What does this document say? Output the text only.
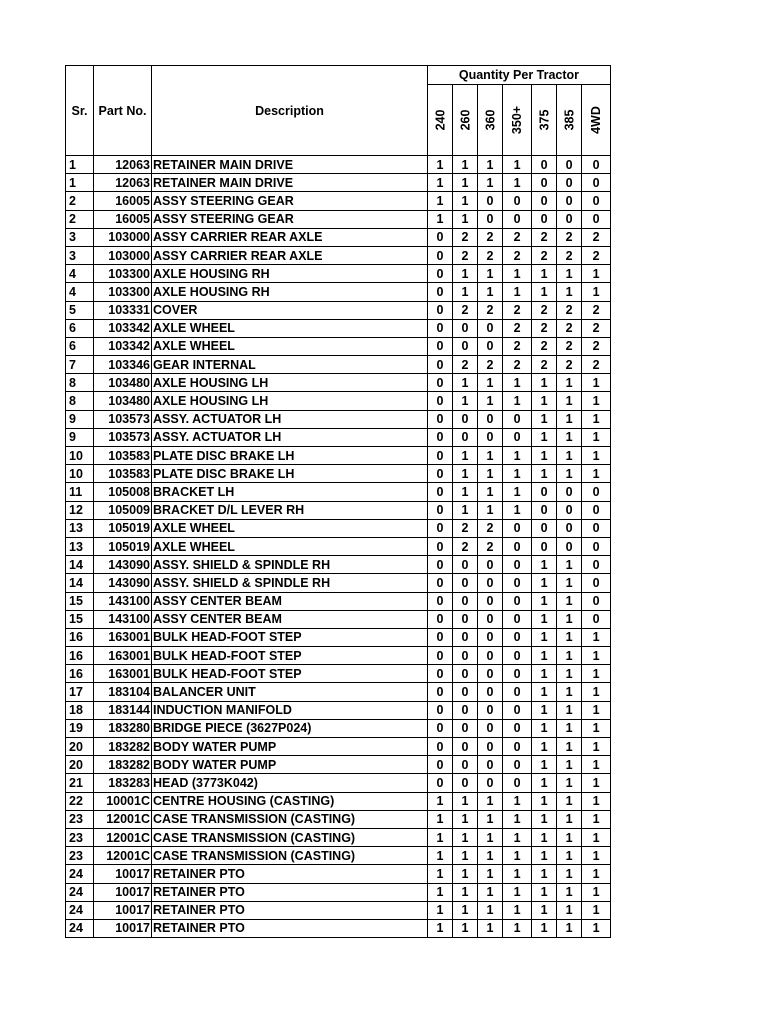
Sr.	Part No.	Description	Quantity Per Tractor						
			240	260	360	350+	375	385	4WD
1	12063	RETAINER MAIN DRIVE	1	1	1	1	0	0	0
1	12063	RETAINER MAIN DRIVE	1	1	1	1	0	0	0
2	16005	ASSY STEERING GEAR	1	1	0	0	0	0	0
2	16005	ASSY STEERING GEAR	1	1	0	0	0	0	0
3	103000	ASSY CARRIER REAR AXLE	0	2	2	2	2	2	2
3	103000	ASSY CARRIER REAR AXLE	0	2	2	2	2	2	2
4	103300	AXLE HOUSING RH	0	1	1	1	1	1	1
4	103300	AXLE HOUSING RH	0	1	1	1	1	1	1
5	103331	COVER	0	2	2	2	2	2	2
6	103342	AXLE WHEEL	0	0	0	2	2	2	2
6	103342	AXLE WHEEL	0	0	0	2	2	2	2
7	103346	GEAR INTERNAL	0	2	2	2	2	2	2
8	103480	AXLE HOUSING LH	0	1	1	1	1	1	1
8	103480	AXLE HOUSING LH	0	1	1	1	1	1	1
9	103573	ASSY. ACTUATOR LH	0	0	0	0	1	1	1
9	103573	ASSY. ACTUATOR LH	0	0	0	0	1	1	1
10	103583	PLATE DISC BRAKE LH	0	1	1	1	1	1	1
10	103583	PLATE DISC BRAKE LH	0	1	1	1	1	1	1
11	105008	BRACKET LH	0	1	1	1	0	0	0
12	105009	BRACKET D/L LEVER RH	0	1	1	1	0	0	0
13	105019	AXLE WHEEL	0	2	2	0	0	0	0
13	105019	AXLE WHEEL	0	2	2	0	0	0	0
14	143090	ASSY. SHIELD & SPINDLE RH	0	0	0	0	1	1	0
14	143090	ASSY. SHIELD & SPINDLE RH	0	0	0	0	1	1	0
15	143100	ASSY CENTER BEAM	0	0	0	0	1	1	0
15	143100	ASSY CENTER BEAM	0	0	0	0	1	1	0
16	163001	BULK HEAD-FOOT STEP	0	0	0	0	1	1	1
16	163001	BULK HEAD-FOOT STEP	0	0	0	0	1	1	1
16	163001	BULK HEAD-FOOT STEP	0	0	0	0	1	1	1
17	183104	BALANCER UNIT	0	0	0	0	1	1	1
18	183144	INDUCTION MANIFOLD	0	0	0	0	1	1	1
19	183280	BRIDGE PIECE (3627P024)	0	0	0	0	1	1	1
20	183282	BODY WATER PUMP	0	0	0	0	1	1	1
20	183282	BODY WATER PUMP	0	0	0	0	1	1	1
21	183283	HEAD (3773K042)	0	0	0	0	1	1	1
22	10001C	CENTRE HOUSING (CASTING)	1	1	1	1	1	1	1
23	12001C	CASE TRANSMISSION (CASTING)	1	1	1	1	1	1	1
23	12001C	CASE TRANSMISSION (CASTING)	1	1	1	1	1	1	1
23	12001C	CASE TRANSMISSION (CASTING)	1	1	1	1	1	1	1
24	10017	RETAINER PTO	1	1	1	1	1	1	1
24	10017	RETAINER PTO	1	1	1	1	1	1	1
24	10017	RETAINER PTO	1	1	1	1	1	1	1
24	10017	RETAINER PTO	1	1	1	1	1	1	1
